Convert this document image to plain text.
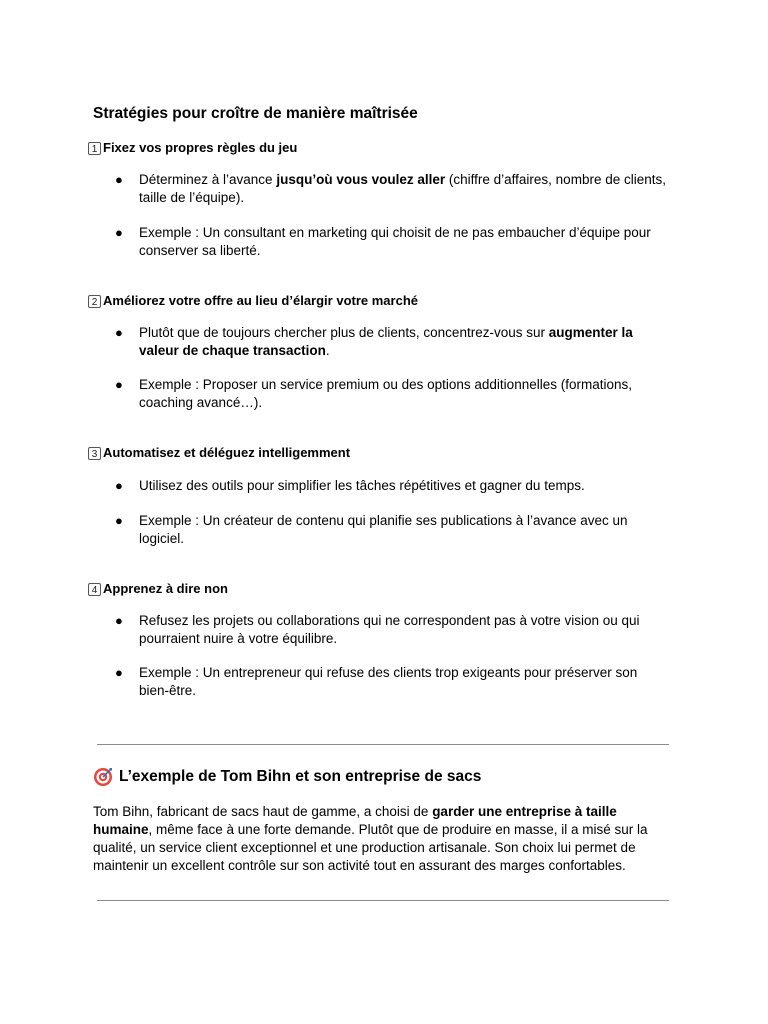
Stratégies pour croître de manière maîtrisée
1 Fixez vos propres règles du jeu
● Déterminez à l’avance jusqu’où vous voulez aller (chiffre d’affaires, nombre de clients, taille de l’équipe).
● Exemple : Un consultant en marketing qui choisit de ne pas embaucher d’équipe pour conserver sa liberté.
2 Améliorez votre offre au lieu d’élargir votre marché
● Plutôt que de toujours chercher plus de clients, concentrez-vous sur augmenter la valeur de chaque transaction.
● Exemple : Proposer un service premium ou des options additionnelles (formations, coaching avancé…).
3 Automatisez et déléguez intelligemment
● Utilisez des outils pour simplifier les tâches répétitives et gagner du temps.
● Exemple : Un créateur de contenu qui planifie ses publications à l’avance avec un logiciel.
4 Apprenez à dire non
● Refusez les projets ou collaborations qui ne correspondent pas à votre vision ou qui pourraient nuire à votre équilibre.
● Exemple : Un entrepreneur qui refuse des clients trop exigeants pour préserver son bien-être.
L’exemple de Tom Bihn et son entreprise de sacs

Tom Bihn, fabricant de sacs haut de gamme, a choisi de garder une entreprise à taille humaine, même face à une forte demande. Plutôt que de produire en masse, il a misé sur la qualité, un service client exceptionnel et une production artisanale. Son choix lui permet de maintenir un excellent contrôle sur son activité tout en assurant des marges confortables.
